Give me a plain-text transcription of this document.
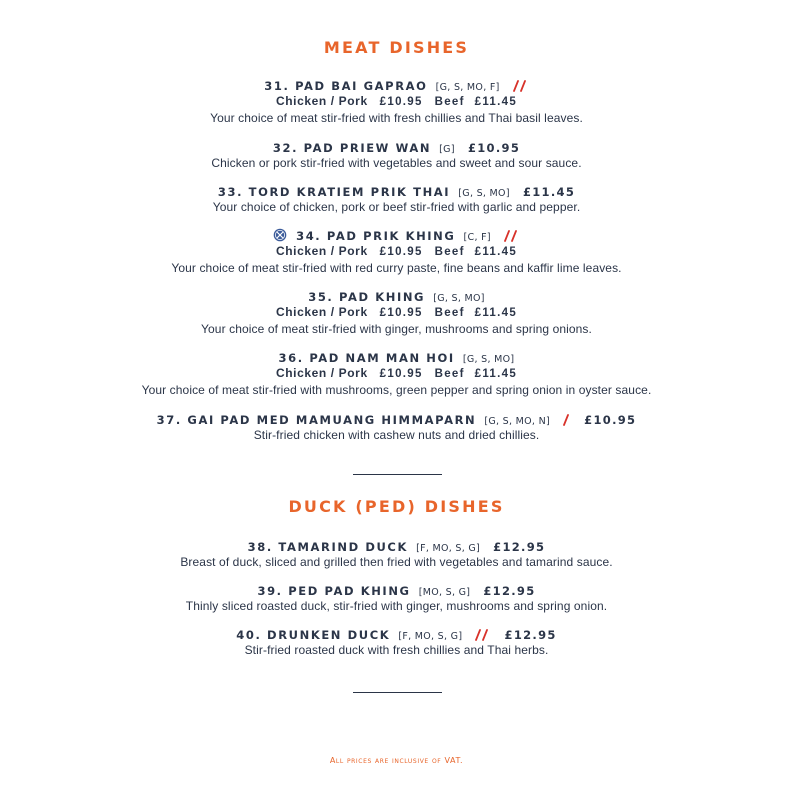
MEAT DISHES
31. PAD BAI GAPRAO [G, S, MO, F]
Chicken / Pork £10.95 Beef £11.45
Your choice of meat stir-fried with fresh chillies and Thai basil leaves.
32. PAD PRIEW WAN [G] £10.95
Chicken or pork stir-fried with vegetables and sweet and sour sauce.
33. TORD KRATIEM PRIK THAI [G, S, MO] £11.45
Your choice of chicken, pork or beef stir-fried with garlic and pepper.
34. PAD PRIK KHING [C, F]
Chicken / Pork £10.95 Beef £11.45
Your choice of meat stir-fried with red curry paste, fine beans and kaffir lime leaves.
35. PAD KHING [G, S, MO]
Chicken / Pork £10.95 Beef £11.45
Your choice of meat stir-fried with ginger, mushrooms and spring onions.
36. PAD NAM MAN HOI [G, S, MO]
Chicken / Pork £10.95 Beef £11.45
Your choice of meat stir-fried with mushrooms, green pepper and spring onion in oyster sauce.
37. GAI PAD MED MAMUANG HIMMAPARN [G, S, MO, N]	£10.95
Stir-fried chicken with cashew nuts and dried chillies.
DUCK (PED) DISHES
38. TAMARIND DUCK [F, MO, S, G] £12.95
Breast of duck, sliced and grilled then fried with vegetables and tamarind sauce.
39. PED PAD KHING [MO, S, G] £12.95
Thinly sliced roasted duck, stir-fried with ginger, mushrooms and spring onion.
40. DRUNKEN DUCK [F, MO, S, G]	£12.95
Stir-fried roasted duck with fresh chillies and Thai herbs.
All prices are inclusive of VAT.
